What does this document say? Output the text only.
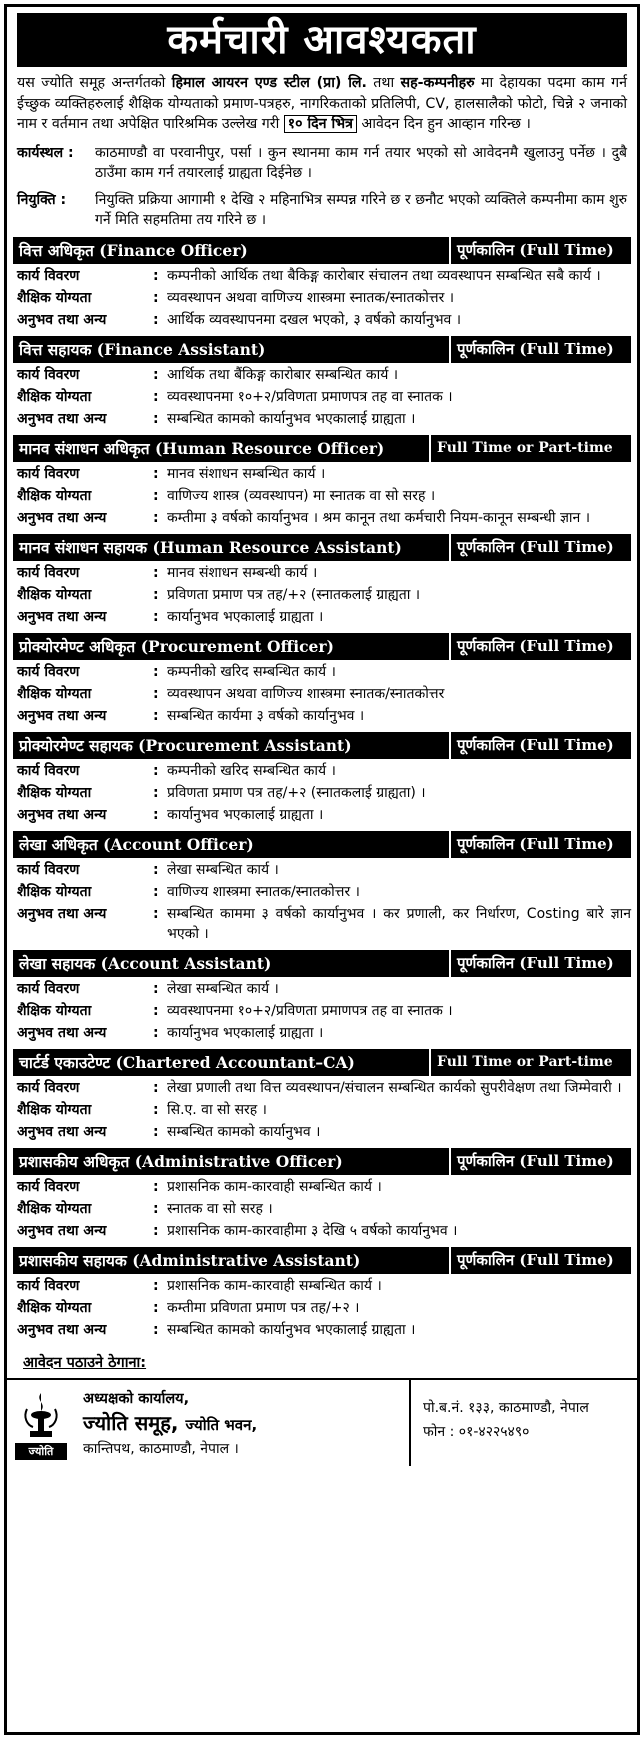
कर्मचारी आवश्यकता

यस ज्योति समूह अन्तर्गतको हिमाल आयरन एण्ड स्टील (प्रा) लि. तथा सह-कम्पनीहरु मा देहायका पदमा काम गर्न ईच्छुक व्यक्तिहरुलाई शैक्षिक योग्यताको प्रमाण-पत्रहरु, नागरिकताको प्रतिलिपी, CV, हालसालैको फोटो, चिन्ने २ जनाको नाम र वर्तमान तथा अपेक्षित पारिश्रमिक उल्लेख गरी १० दिन भित्र आवेदन दिन हुन आव्हान गरिन्छ ।

कार्यस्थल :	काठमाण्डौ वा परवानीपुर, पर्सा । कुन स्थानमा काम गर्न तयार भएको सो आवेदनमै खुलाउनु पर्नेछ । दुबै ठाउँमा काम गर्न तयारलाई ग्राह्यता दिईनेछ ।
नियुक्ति :	नियुक्ति प्रक्रिया आगामी १ देखि २ महिनाभित्र सम्पन्न गरिने छ र छनौट भएको व्यक्तिले कम्पनीमा काम शुरु गर्ने मिति सहमतिमा तय गरिने छ ।
वित्त अधिकृत (Finance Officer)	पूर्णकालिन (Full Time)
कार्य विवरण	: कम्पनीको आर्थिक तथा बैकिङ्ग कारोबार संचालन तथा व्यवस्थापन सम्बन्धित सबै कार्य ।
शैक्षिक योग्यता	: व्यवस्थापन अथवा वाणिज्य शास्त्रमा स्नातक/स्नातकोत्तर ।
अनुभव तथा अन्य	: आर्थिक व्यवस्थापनमा दखल भएको, ३ वर्षको कार्यानुभव ।
वित्त सहायक (Finance Assistant)	पूर्णकालिन (Full Time)
कार्य विवरण	: आर्थिक तथा बैंकिङ्ग कारोबार सम्बन्धित कार्य ।
शैक्षिक योग्यता	: व्यवस्थापनमा १०+२/प्रविणता प्रमाणपत्र तह वा स्नातक ।
अनुभव तथा अन्य	: सम्बन्धित कामको कार्यानुभव भएकालाई ग्राह्यता ।
मानव संशाधन अधिकृत (Human Resource Officer)	Full Time or Part-time
कार्य विवरण	: मानव संशाधन सम्बन्धित कार्य ।
शैक्षिक योग्यता	: वाणिज्य शास्त्र (व्यवस्थापन) मा स्नातक वा सो सरह ।
अनुभव तथा अन्य	: कम्तीमा ३ वर्षको कार्यानुभव । श्रम कानून तथा कर्मचारी नियम-कानून सम्बन्धी ज्ञान ।
मानव संशाधन सहायक (Human Resource Assistant)	पूर्णकालिन (Full Time)
कार्य विवरण	: मानव संशाधन सम्बन्धी कार्य ।
शैक्षिक योग्यता	: प्रविणता प्रमाण पत्र तह/+२ (स्नातकलाई ग्राह्यता ।
अनुभव तथा अन्य	: कार्यानुभव भएकालाई ग्राह्यता ।
प्रोक्योरमेण्ट अधिकृत (Procurement Officer)	पूर्णकालिन (Full Time)
कार्य विवरण	: कम्पनीको खरिद सम्बन्धित कार्य ।
शैक्षिक योग्यता	: व्यवस्थापन अथवा वाणिज्य शास्त्रमा स्नातक/स्नातकोत्तर
अनुभव तथा अन्य	: सम्बन्धित कार्यमा ३ वर्षको कार्यानुभव ।
प्रोक्योरमेण्ट सहायक (Procurement Assistant)	पूर्णकालिन (Full Time)
कार्य विवरण	: कम्पनीको खरिद सम्बन्धित कार्य ।
शैक्षिक योग्यता	: प्रविणता प्रमाण पत्र तह/+२ (स्नातकलाई ग्राह्यता) ।
अनुभव तथा अन्य	: कार्यानुभव भएकालाई ग्राह्यता ।
लेखा अधिकृत (Account Officer)	पूर्णकालिन (Full Time)
कार्य विवरण	: लेखा सम्बन्धित कार्य ।
शैक्षिक योग्यता	: वाणिज्य शास्त्रमा स्नातक/स्नातकोत्तर ।
अनुभव तथा अन्य	: सम्बन्धित काममा ३ वर्षको कार्यानुभव । कर प्रणाली, कर निर्धारण, Costing बारे ज्ञान भएको ।
लेखा सहायक (Account Assistant)	पूर्णकालिन (Full Time)
कार्य विवरण	: लेखा सम्बन्धित कार्य ।
शैक्षिक योग्यता	: व्यवस्थापनमा १०+२/प्रविणता प्रमाणपत्र तह वा स्नातक ।
अनुभव तथा अन्य	: कार्यानुभव भएकालाई ग्राह्यता ।
चार्टर्ड एकाउटेण्ट (Chartered Accountant–CA)	Full Time or Part-time
कार्य विवरण	: लेखा प्रणाली तथा वित्त व्यवस्थापन/संचालन सम्बन्धित कार्यको सुपरीवेक्षण तथा जिम्मेवारी ।
शैक्षिक योग्यता	: सि.ए. वा सो सरह ।
अनुभव तथा अन्य	: सम्बन्धित कामको कार्यानुभव ।
प्रशासकीय अधिकृत (Administrative Officer)	पूर्णकालिन (Full Time)
कार्य विवरण	: प्रशासनिक काम-कारवाही सम्बन्धित कार्य ।
शैक्षिक योग्यता	: स्नातक वा सो सरह ।
अनुभव तथा अन्य	: प्रशासनिक काम-कारवाहीमा ३ देखि ५ वर्षको कार्यानुभव ।
प्रशासकीय सहायक (Administrative Assistant)	पूर्णकालिन (Full Time)
कार्य विवरण	: प्रशासनिक काम-कारवाही सम्बन्धित कार्य ।
शैक्षिक योग्यता	: कम्तीमा प्रविणता प्रमाण पत्र तह/+२ ।
अनुभव तथा अन्य	: सम्बन्धित कामको कार्यानुभव भएकालाई ग्राह्यता ।
आवेदन पठाउने ठेगाना:
ज्योति
अध्यक्षको कार्यालय,
ज्योति समूह, ज्योति भवन,
कान्तिपथ, काठमाण्डौ, नेपाल ।
पो.ब.नं. १३३, काठमाण्डौ, नेपाल
फोन : ०१-४२२५४९०
